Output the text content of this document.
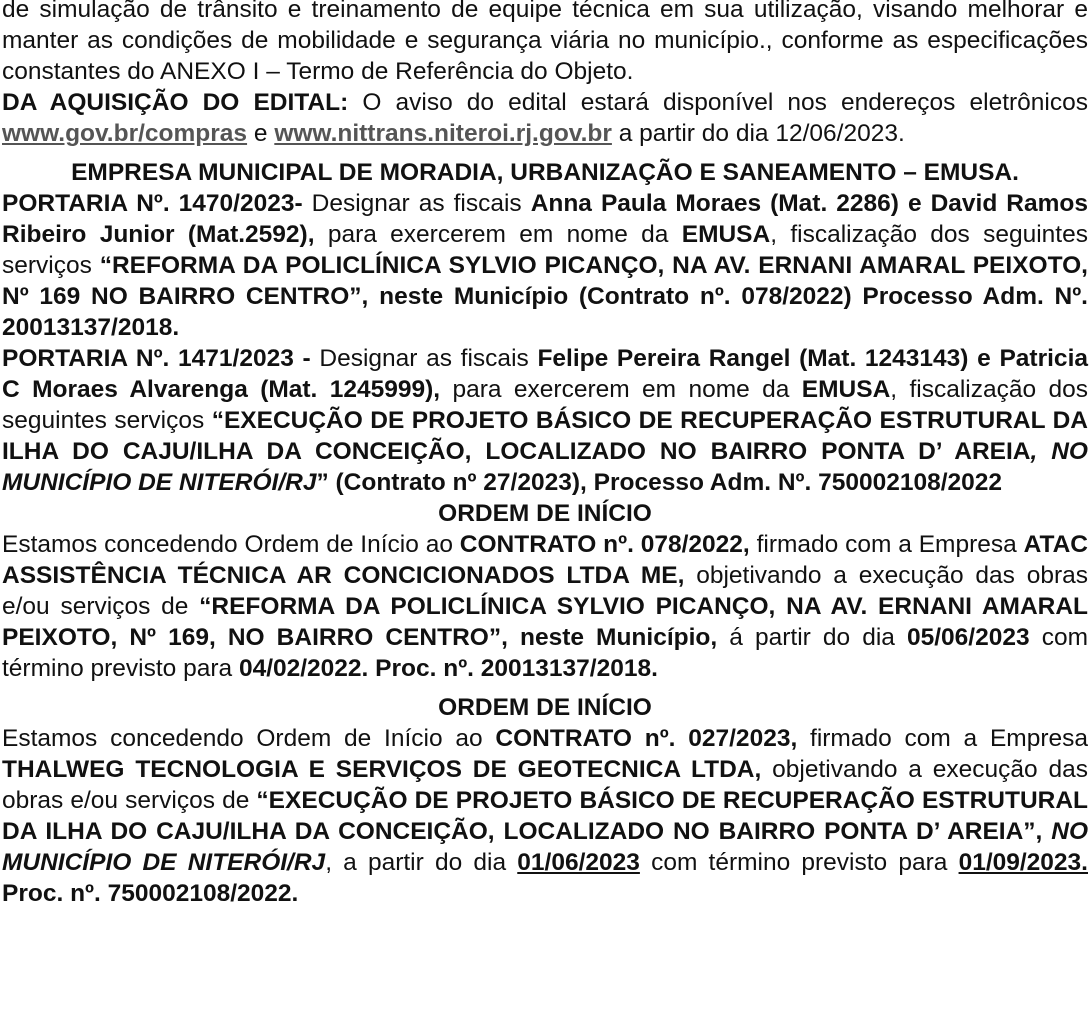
de simulação de trânsito e treinamento de equipe técnica em sua utilização, visando melhorar e manter as condições de mobilidade e segurança viária no município., conforme as especificações constantes do ANEXO I – Termo de Referência do Objeto.

DA AQUISIÇÃO DO EDITAL: O aviso do edital estará disponível nos endereços eletrônicos www.gov.br/compras e www.nittrans.niteroi.rj.gov.br a partir do dia 12/06/2023.

EMPRESA MUNICIPAL DE MORADIA, URBANIZAÇÃO E SANEAMENTO – EMUSA.

PORTARIA Nº. 1470/2023- Designar as fiscais Anna Paula Moraes (Mat. 2286) e David Ramos Ribeiro Junior (Mat.2592), para exercerem em nome da EMUSA, fiscalização dos seguintes serviços “REFORMA DA POLICLÍNICA SYLVIO PICANÇO, NA AV. ERNANI AMARAL PEIXOTO, Nº 169 NO BAIRRO CENTRO”, neste Município (Contrato nº. 078/2022) Processo Adm. Nº. 20013137/2018.

PORTARIA Nº. 1471/2023 - Designar as fiscais Felipe Pereira Rangel (Mat. 1243143) e Patricia C Moraes Alvarenga (Mat. 1245999), para exercerem em nome da EMUSA, fiscalização dos seguintes serviços “EXECUÇÃO DE PROJETO BÁSICO DE RECUPERAÇÃO ESTRUTURAL DA ILHA DO CAJU/ILHA DA CONCEIÇÃO, LOCALIZADO NO BAIRRO PONTA D’ AREIA, NO MUNICÍPIO DE NITERÓI/RJ” (Contrato nº 27/2023), Processo Adm. Nº. 750002108/2022

ORDEM DE INÍCIO

Estamos concedendo Ordem de Início ao CONTRATO nº. 078/2022, firmado com a Empresa ATAC ASSISTÊNCIA TÉCNICA AR CONCICIONADOS LTDA ME, objetivando a execução das obras e/ou serviços de “REFORMA DA POLICLÍNICA SYLVIO PICANÇO, NA AV. ERNANI AMARAL PEIXOTO, Nº 169, NO BAIRRO CENTRO”, neste Município, á partir do dia 05/06/2023 com término previsto para 04/02/2022. Proc. nº. 20013137/2018.

ORDEM DE INÍCIO

Estamos concedendo Ordem de Início ao CONTRATO nº. 027/2023, firmado com a Empresa THALWEG TECNOLOGIA E SERVIÇOS DE GEOTECNICA LTDA, objetivando a execução das obras e/ou serviços de “EXECUÇÃO DE PROJETO BÁSICO DE RECUPERAÇÃO ESTRUTURAL DA ILHA DO CAJU/ILHA DA CONCEIÇÃO, LOCALIZADO NO BAIRRO PONTA D’ AREIA”, NO MUNICÍPIO DE NITERÓI/RJ, a partir do dia 01/06/2023 com término previsto para 01/09/2023. Proc. nº. 750002108/2022.
